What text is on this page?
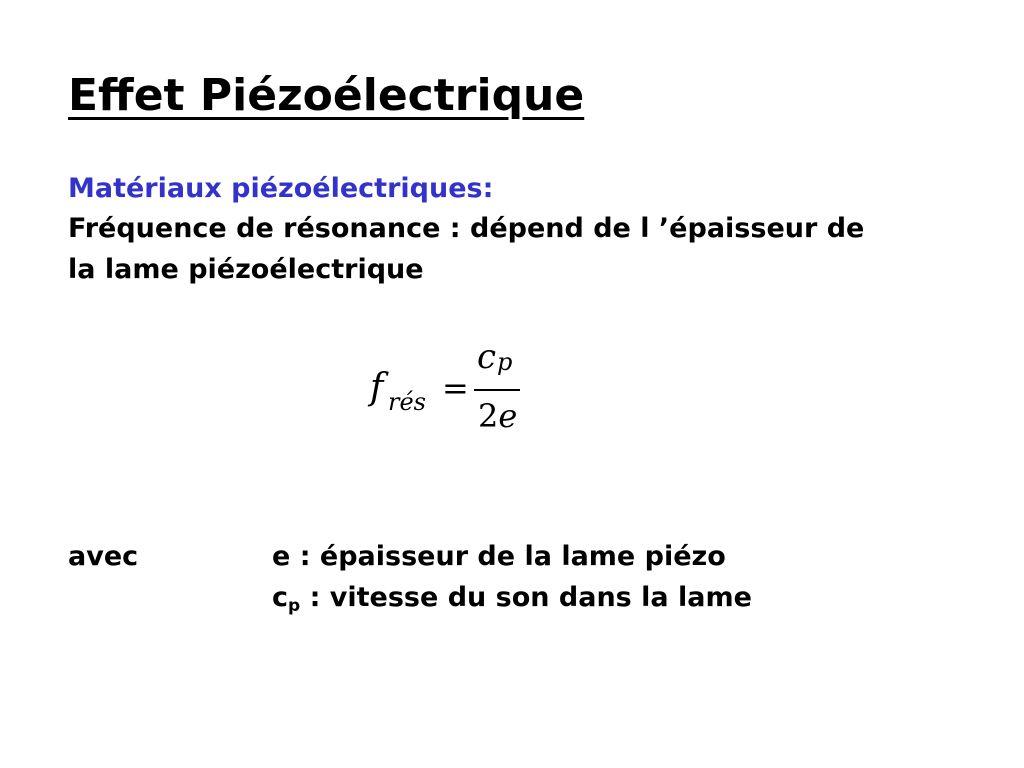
Effet Piézoélectrique

Matériaux piézoélectriques:

Fréquence de résonance : dépend de l ’épaisseur de

la lame piézoélectrique

f rés =
c p
2e

avec	e : épaisseur de la lame piézo

$c_p$ : vitesse du son dans la lame
